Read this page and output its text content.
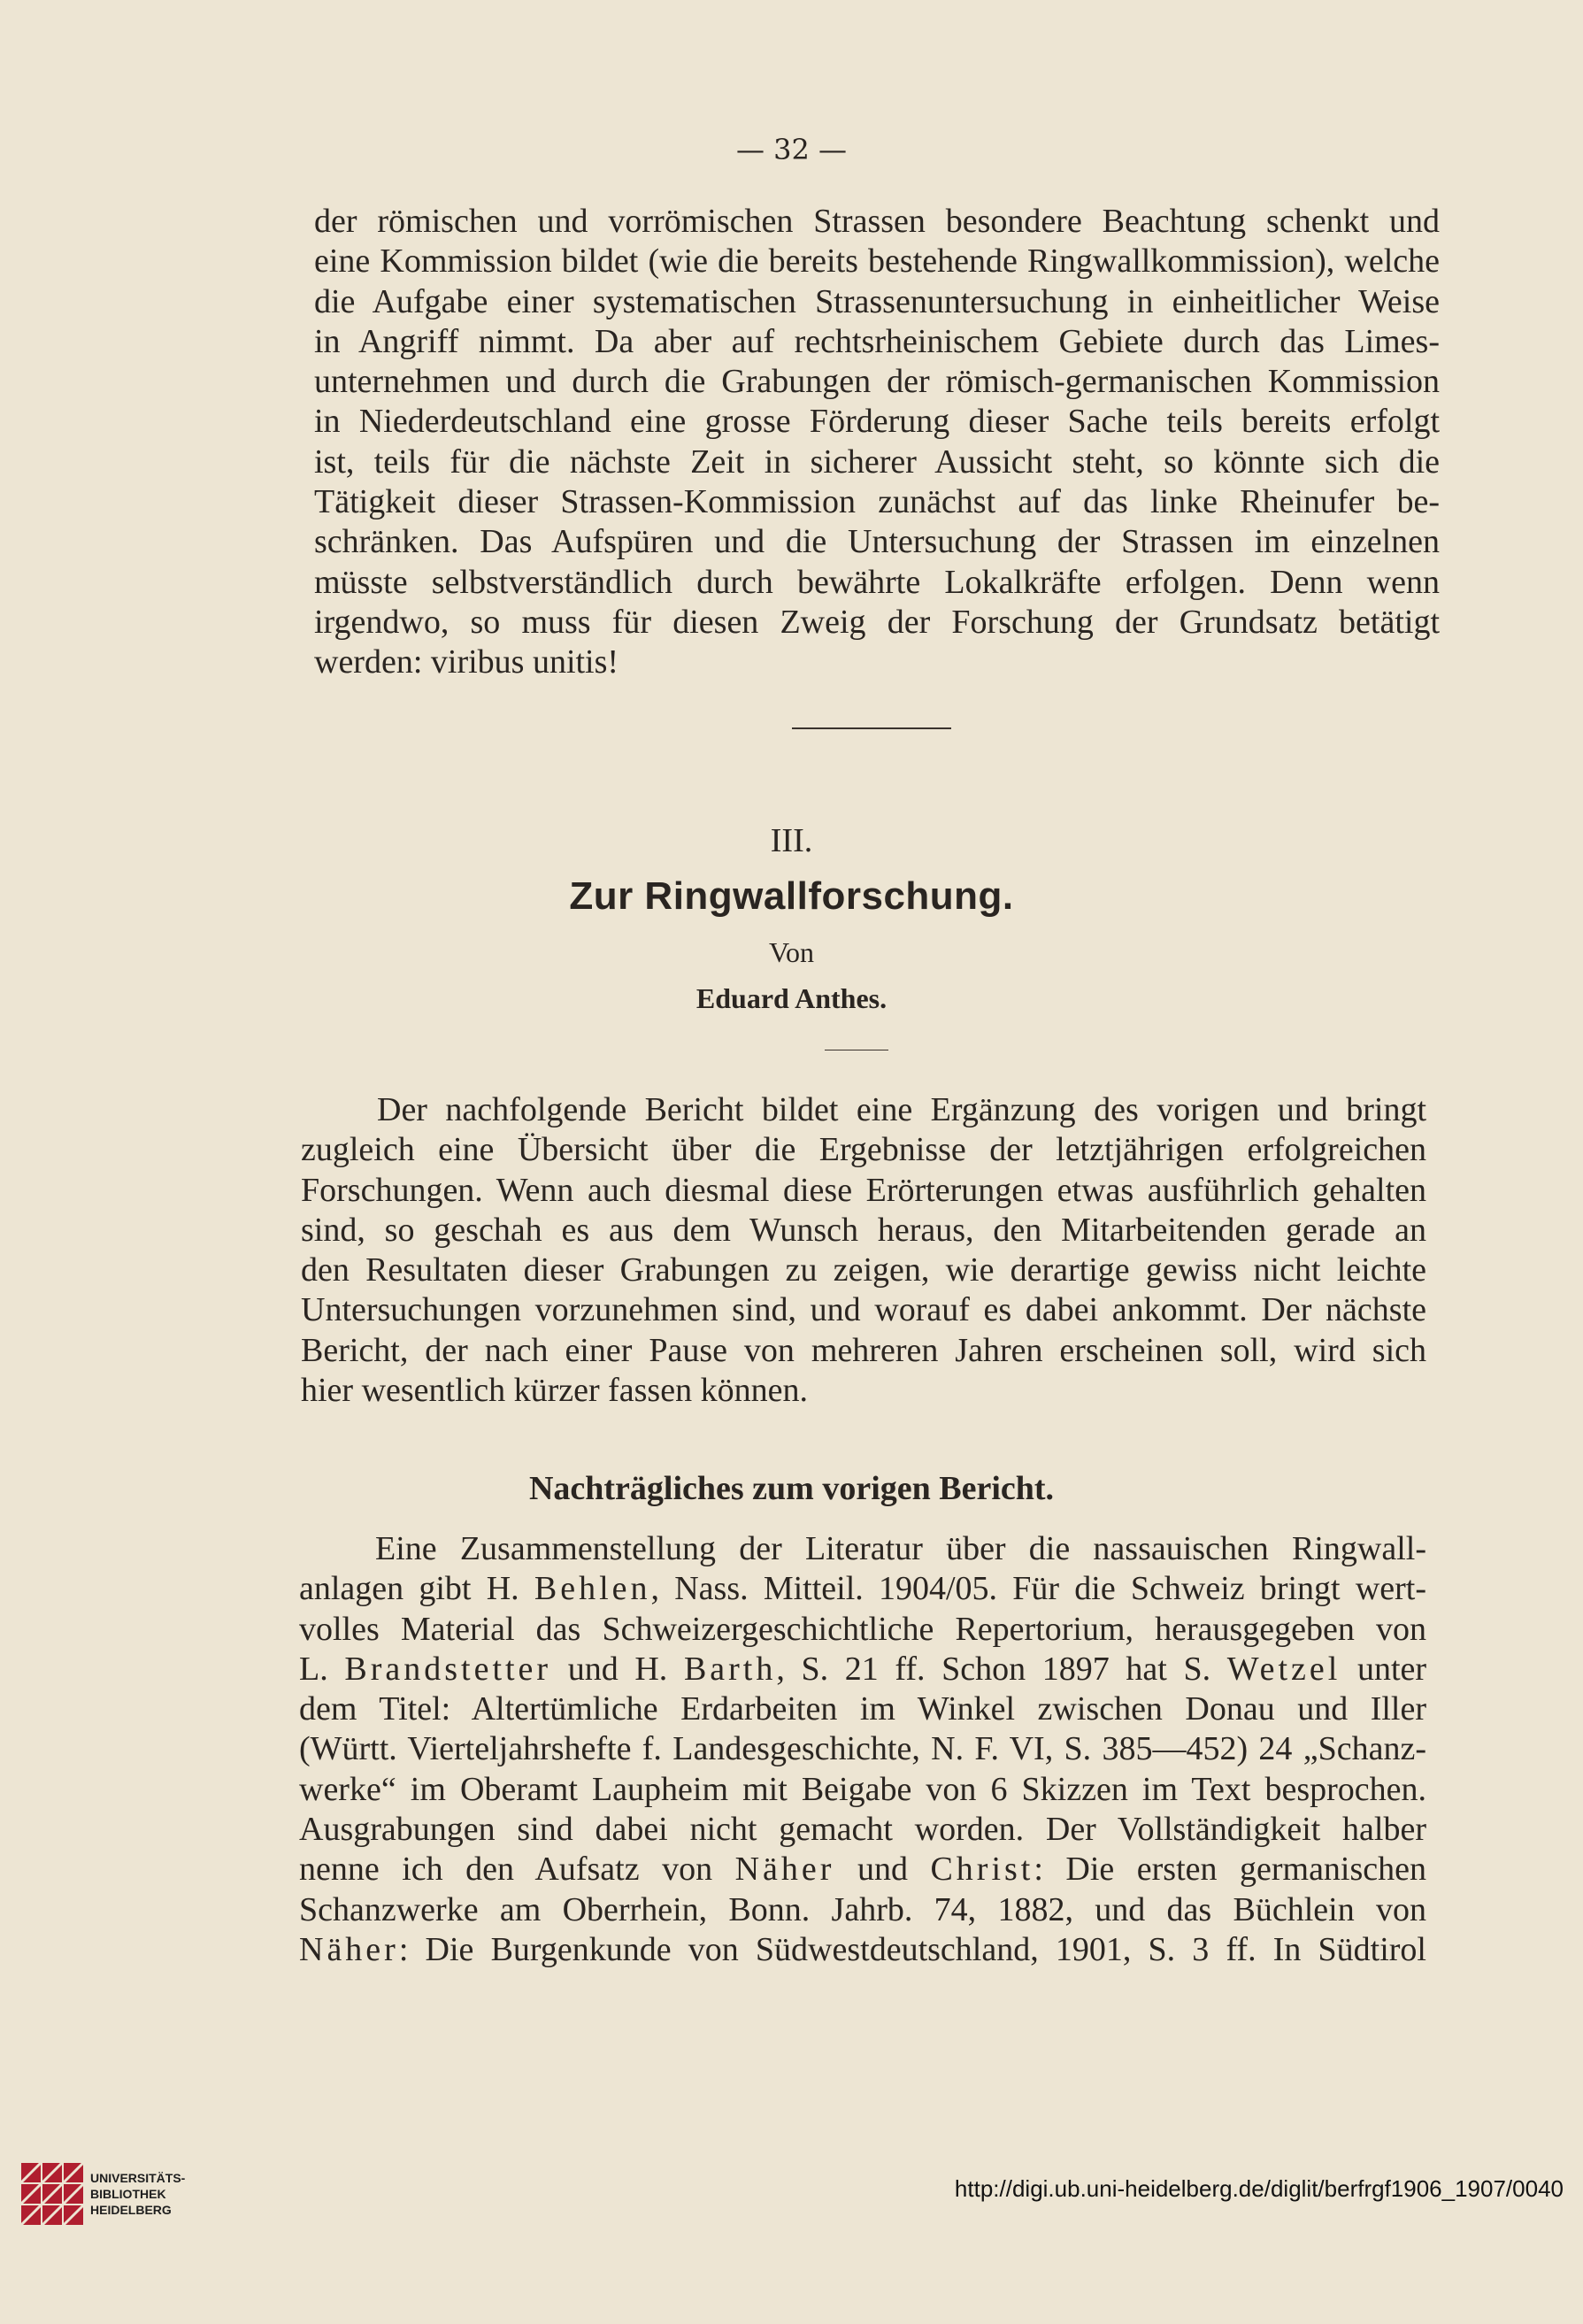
— 32 —
der römischen und vorrömischen Strassen besondere Beachtung schenkt und
eine Kommission bildet (wie die bereits bestehende Ringwallkommission), welche
die Aufgabe einer systematischen Strassenuntersuchung in einheitlicher Weise
in Angriff nimmt. Da aber auf rechtsrheinischem Gebiete durch das Limes-
unternehmen und durch die Grabungen der römisch-germanischen Kommission
in Niederdeutschland eine grosse Förderung dieser Sache teils bereits erfolgt
ist, teils für die nächste Zeit in sicherer Aussicht steht, so könnte sich die
Tätigkeit dieser Strassen-Kommission zunächst auf das linke Rheinufer be-
schränken. Das Aufspüren und die Untersuchung der Strassen im einzelnen
müsste selbstverständlich durch bewährte Lokalkräfte erfolgen. Denn wenn
irgendwo, so muss für diesen Zweig der Forschung der Grundsatz betätigt
werden: viribus unitis!
III.
Zur Ringwallforschung.
Von
Eduard Anthes.
Der nachfolgende Bericht bildet eine Ergänzung des vorigen und bringt
zugleich eine Übersicht über die Ergebnisse der letztjährigen erfolgreichen
Forschungen. Wenn auch diesmal diese Erörterungen etwas ausführlich gehalten
sind, so geschah es aus dem Wunsch heraus, den Mitarbeitenden gerade an
den Resultaten dieser Grabungen zu zeigen, wie derartige gewiss nicht leichte
Untersuchungen vorzunehmen sind, und worauf es dabei ankommt. Der nächste
Bericht, der nach einer Pause von mehreren Jahren erscheinen soll, wird sich
hier wesentlich kürzer fassen können.
Nachträgliches zum vorigen Bericht.
Eine Zusammenstellung der Literatur über die nassauischen Ringwall-
anlagen gibt H. Behlen, Nass. Mitteil. 1904/05. Für die Schweiz bringt wert-
volles Material das Schweizergeschichtliche Repertorium, herausgegeben von
L. Brandstetter und H. Barth, S. 21 ff. Schon 1897 hat S. Wetzel unter
dem Titel: Altertümliche Erdarbeiten im Winkel zwischen Donau und Iller
(Württ. Vierteljahrshefte f. Landesgeschichte, N. F. VI, S. 385—452) 24 „Schanz-
werke“ im Oberamt Laupheim mit Beigabe von 6 Skizzen im Text besprochen.
Ausgrabungen sind dabei nicht gemacht worden. Der Vollständigkeit halber
nenne ich den Aufsatz von Näher und Christ: Die ersten germanischen
Schanzwerke am Oberrhein, Bonn. Jahrb. 74, 1882, und das Büchlein von
Näher: Die Burgenkunde von Südwestdeutschland, 1901, S. 3 ff. In Südtirol
UNIVERSITÄTS-
BIBLIOTHEK
HEIDELBERG
http://digi.ub.uni-heidelberg.de/diglit/berfrgf1906_1907/0040
